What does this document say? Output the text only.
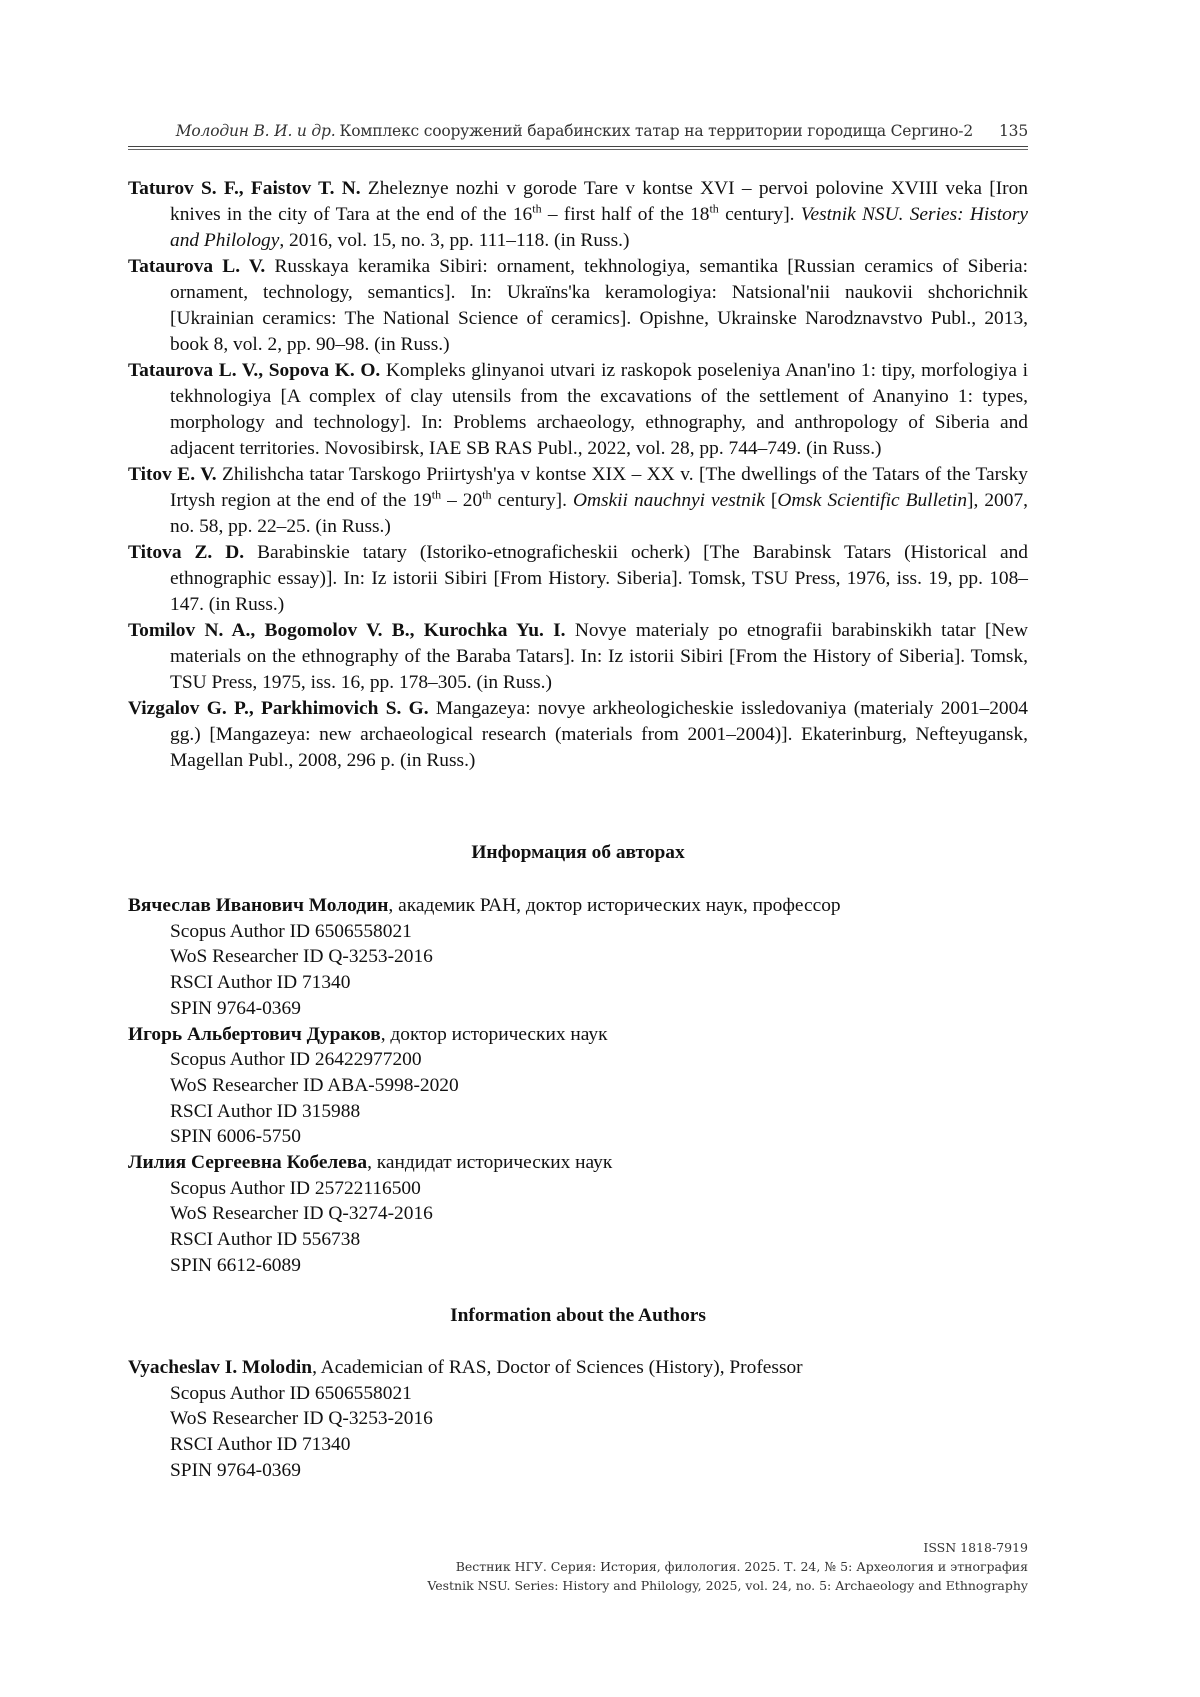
Молодин В. И. и др. Комплекс сооружений барабинских татар на территории городища Сергино-2 135

Taturov S. F., Faistov T. N. Zheleznye nozhi v gorode Tare v kontse XVI – pervoi polovine XVIII veka [Iron knives in the city of Tara at the end of the 16th – first half of the 18th century]. Vestnik NSU. Series: History and Philology, 2016, vol. 15, no. 3, pp. 111–118. (in Russ.)

Tataurova L. V. Russkaya keramika Sibiri: ornament, tekhnologiya, semantika [Russian ceramics of Siberia: ornament, technology, semantics]. In: Ukraïns'ka keramologiya: Natsional'nii naukovii shchorichnik [Ukrainian ceramics: The National Science of ceramics]. Opishne, Ukrainske Narodznavstvo Publ., 2013, book 8, vol. 2, pp. 90–98. (in Russ.)

Tataurova L. V., Sopova K. O. Kompleks glinyanoi utvari iz raskopok poseleniya Anan'ino 1: tipy, morfologiya i tekhnologiya [A complex of clay utensils from the excavations of the settlement of Ananyino 1: types, morphology and technology]. In: Problems archaeology, ethnography, and anthropology of Siberia and adjacent territories. Novosibirsk, IAE SB RAS Publ., 2022, vol. 28, pp. 744–749. (in Russ.)

Titov E. V. Zhilishcha tatar Tarskogo Priirtysh'ya v kontse XIX – XX v. [The dwellings of the Tatars of the Tarsky Irtysh region at the end of the 19th – 20th century]. Omskii nauchnyi vestnik [Omsk Scientific Bulletin], 2007, no. 58, pp. 22–25. (in Russ.)

Titova Z. D. Barabinskie tatary (Istoriko-etnograficheskii ocherk) [The Barabinsk Tatars (Historical and ethnographic essay)]. In: Iz istorii Sibiri [From History. Siberia]. Tomsk, TSU Press, 1976, iss. 19, pp. 108–147. (in Russ.)

Tomilov N. A., Bogomolov V. B., Kurochka Yu. I. Novye materialy po etnografii barabinskikh tatar [New materials on the ethnography of the Baraba Tatars]. In: Iz istorii Sibiri [From the History of Siberia]. Tomsk, TSU Press, 1975, iss. 16, pp. 178–305. (in Russ.)

Vizgalov G. P., Parkhimovich S. G. Mangazeya: novye arkheologicheskie issledovaniya (materialy 2001–2004 gg.) [Mangazeya: new archaeological research (materials from 2001–2004)]. Ekaterinburg, Nefteyugansk, Magellan Publ., 2008, 296 p. (in Russ.)

Информация об авторах
Вячеслав Иванович Молодин, академик РАН, доктор исторических наук, профессор
Scopus Author ID 6506558021
WoS Researcher ID Q-3253-2016
RSCI Author ID 71340
SPIN 9764-0369
Игорь Альбертович Дураков, доктор исторических наук
Scopus Author ID 26422977200
WoS Researcher ID ABA-5998-2020
RSCI Author ID 315988
SPIN 6006-5750
Лилия Сергеевна Кобелева, кандидат исторических наук
Scopus Author ID 25722116500
WoS Researcher ID Q-3274-2016
RSCI Author ID 556738
SPIN 6612-6089
Information about the Authors
Vyacheslav I. Molodin, Academician of RAS, Doctor of Sciences (History), Professor
Scopus Author ID 6506558021
WoS Researcher ID Q-3253-2016
RSCI Author ID 71340
SPIN 9764-0369
ISSN 1818-7919
Вестник НГУ. Серия: История, филология. 2025. Т. 24, № 5: Археология и этнография
Vestnik NSU. Series: History and Philology, 2025, vol. 24, no. 5: Archaeology and Ethnography
